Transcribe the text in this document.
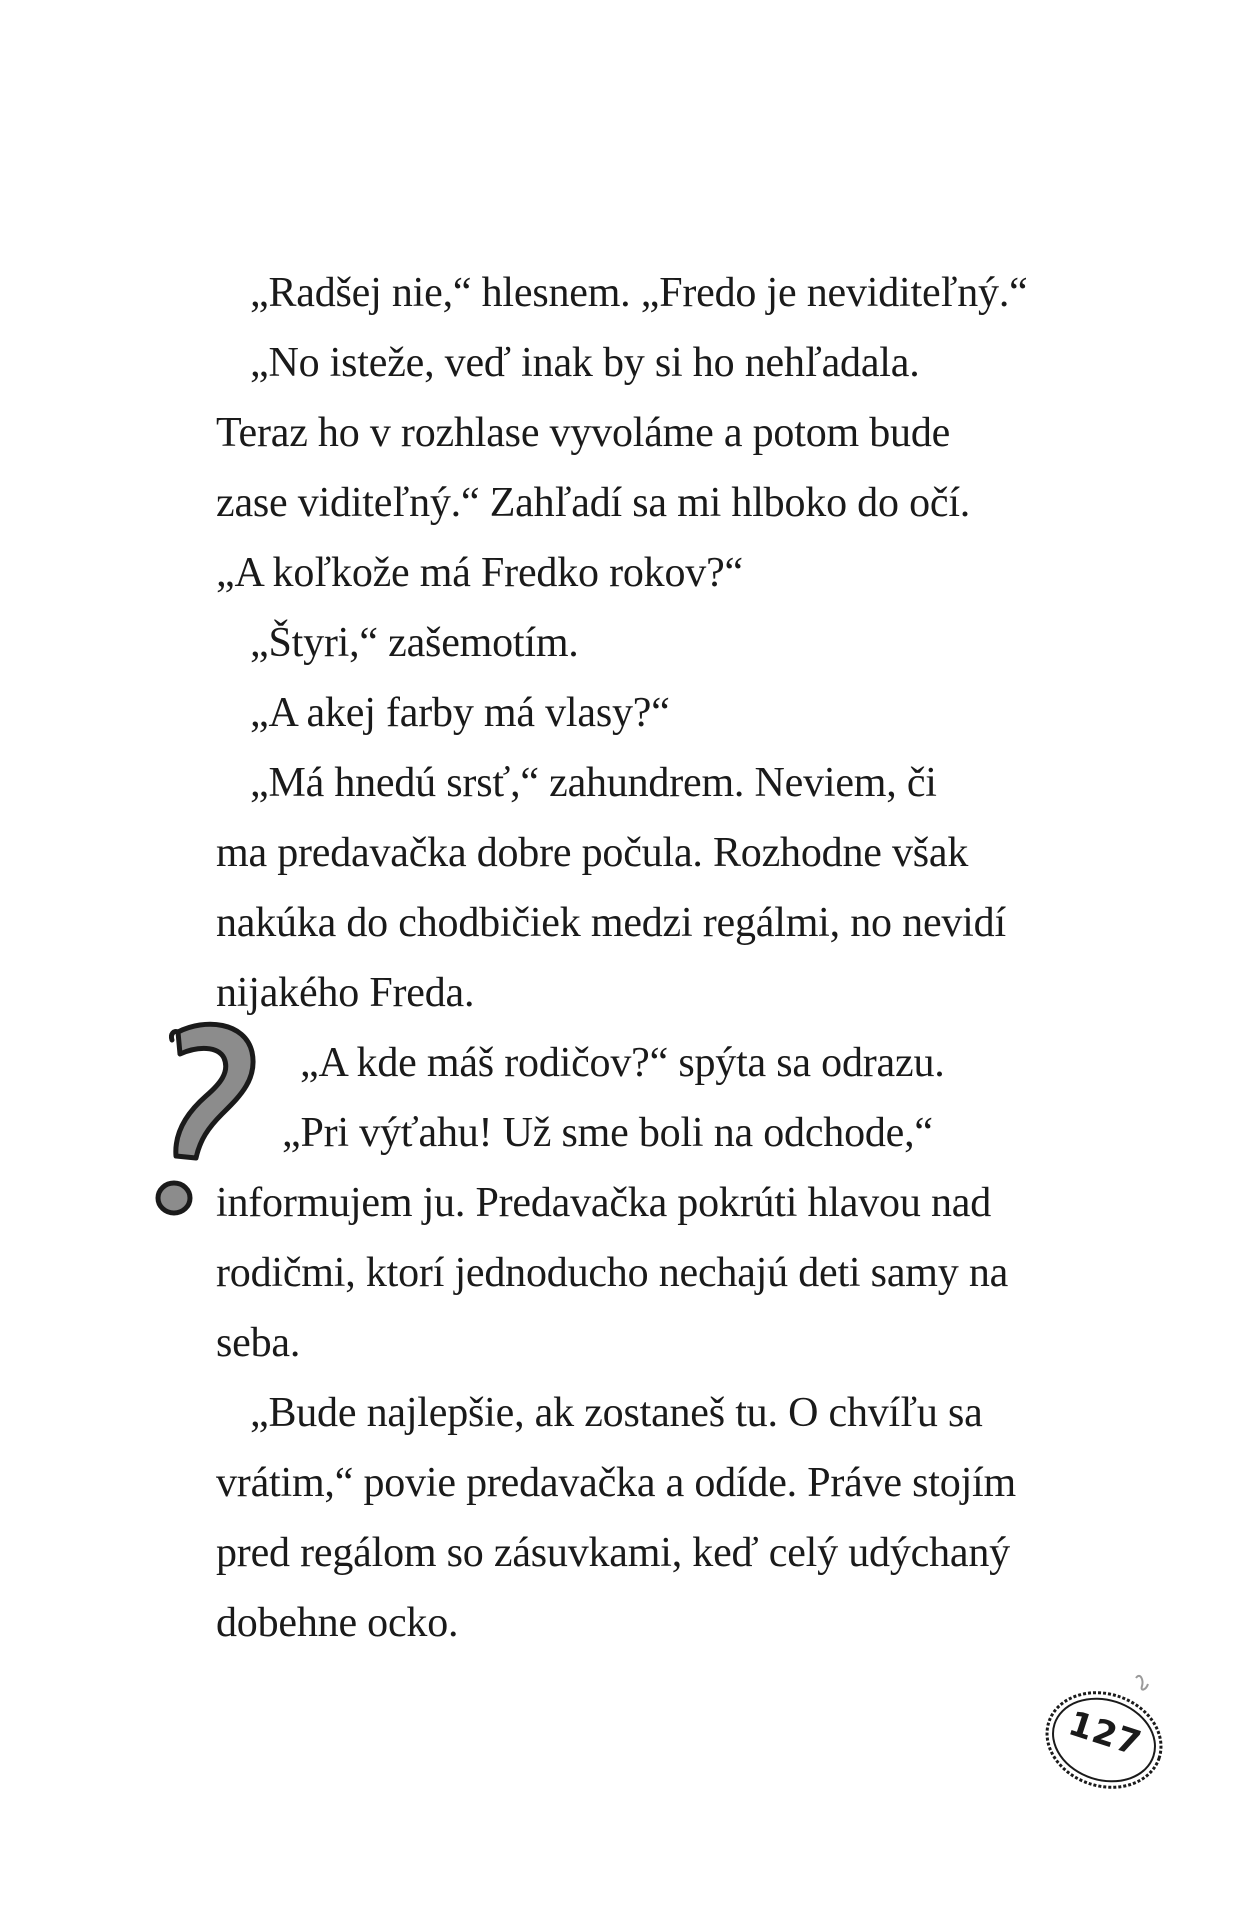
„Radšej nie,“ hlesnem. „Fredo je neviditeľný.“
„No isteže, veď inak by si ho nehľadala.
Teraz ho v rozhlase vyvoláme a potom bude
zase viditeľný.“ Zahľadí sa mi hlboko do očí.
„A koľkože má Fredko rokov?“
„Štyri,“ zašemotím.
„A akej farby má vlasy?“
„Má hnedú srsť,“ zahundrem. Neviem, či
ma predavačka dobre počula. Rozhodne však
nakúka do chodbičiek medzi regálmi, no nevidí
nijakého Freda.
„A kde máš rodičov?“ spýta sa odrazu.
„Pri výťahu! Už sme boli na odchode,“
informujem ju. Predavačka pokrúti hlavou nad
rodičmi, ktorí jednoducho nechajú deti samy na
seba.
„Bude najlepšie, ak zostaneš tu. O chvíľu sa
vrátim,“ povie predavačka a odíde. Práve stojím
pred regálom so zásuvkami, keď celý udýchaný
dobehne ocko.
127
